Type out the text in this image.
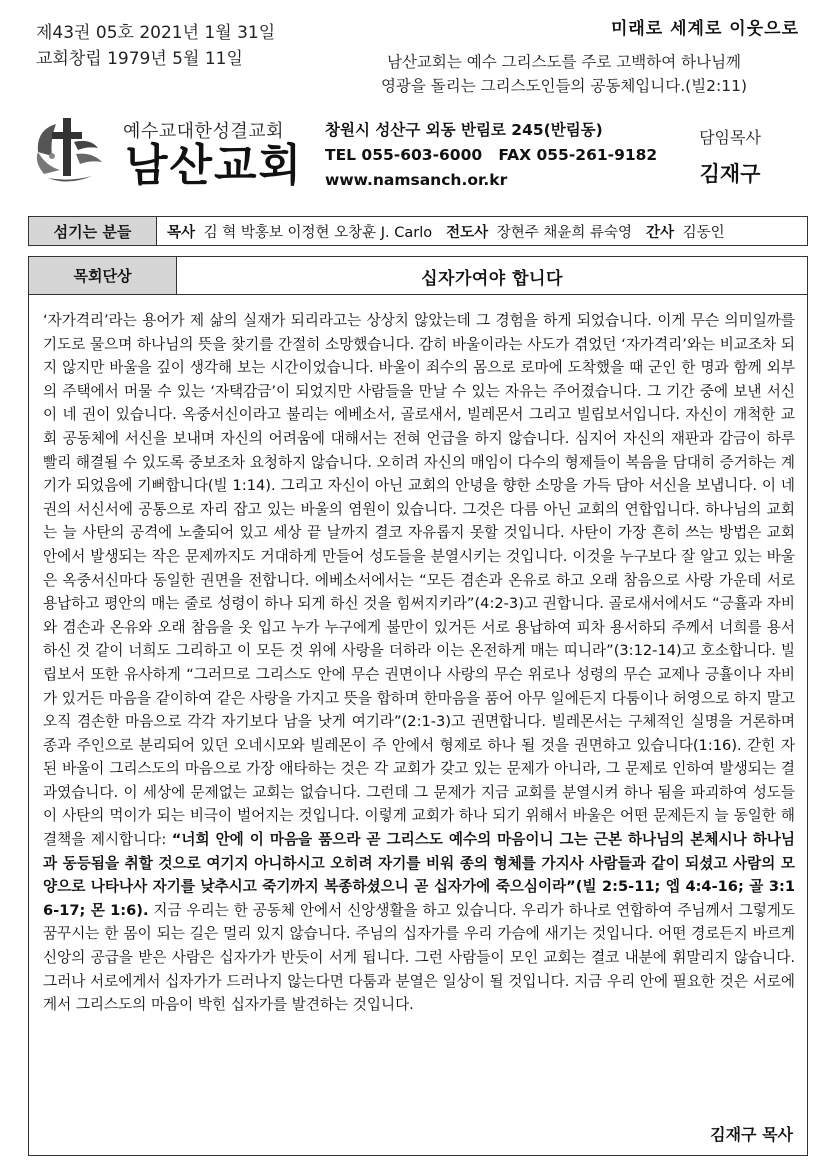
제43권 05호 2021년 1월 31일
교회창립 1979년 5월 11일
미래로 세계로 이웃으로
남산교회는 예수 그리스도를 주로 고백하여 하나님께
영광을 돌리는 그리스도인들의 공동체입니다.(빌2:11)
예수교대한성결교회
남산교회
창원시 성산구 외동 반림로 245(반림동)
TEL 055-603-6000   FAX 055-261-9182
www.namsanch.or.kr
담임목사
김재구
섬기는 분들	목사 김 혁 박홍보 이정현 오창훈 J. Carlo 전도사 장현주 채윤희 류숙영 간사 김동인
목회단상	십자가여야 합니다
‘자가격리’라는 용어가 제 삶의 실재가 되리라고는 상상치 않았는데 그 경험을 하게 되었습니다. 이게 무슨 의미일까를 기도로 물으며 하나님의 뜻을 찾기를 간절히 소망했습니다. 감히 바울이라는 사도가 겪었던 ‘자가격리’와는 비교조차 되지 않지만 바울을 깊이 생각해 보는 시간이었습니다. 바울이 죄수의 몸으로 로마에 도착했을 때 군인 한 명과 함께 외부의 주택에서 머물 수 있는 ‘자택감금’이 되었지만 사람들을 만날 수 있는 자유는 주어졌습니다. 그 기간 중에 보낸 서신이 네 권이 있습니다. 옥중서신이라고 불리는 에베소서, 골로새서, 빌레몬서 그리고 빌립보서입니다. 자신이 개척한 교회 공동체에 서신을 보내며 자신의 어려움에 대해서는 전혀 언급을 하지 않습니다. 심지어 자신의 재판과 감금이 하루 빨리 해결될 수 있도록 중보조차 요청하지 않습니다. 오히려 자신의 매임이 다수의 형제들이 복음을 담대히 증거하는 계기가 되었음에 기뻐합니다(빌 1:14). 그리고 자신이 아닌 교회의 안녕을 향한 소망을 가득 담아 서신을 보냅니다. 이 네 권의 서신서에 공통으로 자리 잡고 있는 바울의 염원이 있습니다. 그것은 다름 아닌 교회의 연합입니다. 하나님의 교회는 늘 사탄의 공격에 노출되어 있고 세상 끝 날까지 결코 자유롭지 못할 것입니다. 사탄이 가장 흔히 쓰는 방법은 교회 안에서 발생되는 작은 문제까지도 거대하게 만들어 성도들을 분열시키는 것입니다. 이것을 누구보다 잘 알고 있는 바울은 옥중서신마다 동일한 권면을 전합니다. 에베소서에서는 “모든 겸손과 온유로 하고 오래 참음으로 사랑 가운데 서로 용납하고 평안의 매는 줄로 성령이 하나 되게 하신 것을 힘써지키라”(4:2-3)고 권합니다. 골로새서에서도 “긍휼과 자비와 겸손과 온유와 오래 참음을 옷 입고 누가 누구에게 불만이 있거든 서로 용납하여 피차 용서하되 주께서 너희를 용서하신 것 같이 너희도 그리하고 이 모든 것 위에 사랑을 더하라 이는 온전하게 매는 띠니라”(3:12-14)고 호소합니다. 빌립보서 또한 유사하게 “그러므로 그리스도 안에 무슨 권면이나 사랑의 무슨 위로나 성령의 무슨 교제나 긍휼이나 자비가 있거든 마음을 같이하여 같은 사랑을 가지고 뜻을 합하며 한마음을 품어 아무 일에든지 다툼이나 허영으로 하지 말고 오직 겸손한 마음으로 각각 자기보다 남을 낫게 여기라”(2:1-3)고 권면합니다. 빌레몬서는 구체적인 실명을 거론하며 종과 주인으로 분리되어 있던 오네시모와 빌레몬이 주 안에서 형제로 하나 될 것을 권면하고 있습니다(1:16). 갇힌 자 된 바울이 그리스도의 마음으로 가장 애타하는 것은 각 교회가 갖고 있는 문제가 아니라, 그 문제로 인하여 발생되는 결과였습니다. 이 세상에 문제없는 교회는 없습니다. 그런데 그 문제가 지금 교회를 분열시켜 하나 됨을 파괴하여 성도들이 사탄의 먹이가 되는 비극이 벌어지는 것입니다. 이렇게 교회가 하나 되기 위해서 바울은 어떤 문제든지 늘 동일한 해결책을 제시합니다: “너희 안에 이 마음을 품으라 곧 그리스도 예수의 마음이니 그는 근본 하나님의 본체시나 하나님과 동등됨을 취할 것으로 여기지 아니하시고 오히려 자기를 비워 종의 형체를 가지사 사람들과 같이 되셨고 사람의 모양으로 나타나사 자기를 낮추시고 죽기까지 복종하셨으니 곧 십자가에 죽으심이라”(빌 2:5-11; 엡 4:4-16; 골 3:16-17; 몬 1:6). 지금 우리는 한 공동체 안에서 신앙생활을 하고 있습니다. 우리가 하나로 연합하여 주님께서 그렇게도 꿈꾸시는 한 몸이 되는 길은 멀리 있지 않습니다. 주님의 십자가를 우리 가슴에 새기는 것입니다. 어떤 경로든지 바르게 신앙의 공급을 받은 사람은 십자가가 반듯이 서게 됩니다. 그런 사람들이 모인 교회는 결코 내분에 휘말리지 않습니다. 그러나 서로에게서 십자가가 드러나지 않는다면 다툼과 분열은 일상이 될 것입니다. 지금 우리 안에 필요한 것은 서로에게서 그리스도의 마음이 박힌 십자가를 발견하는 것입니다.
김재구 목사
